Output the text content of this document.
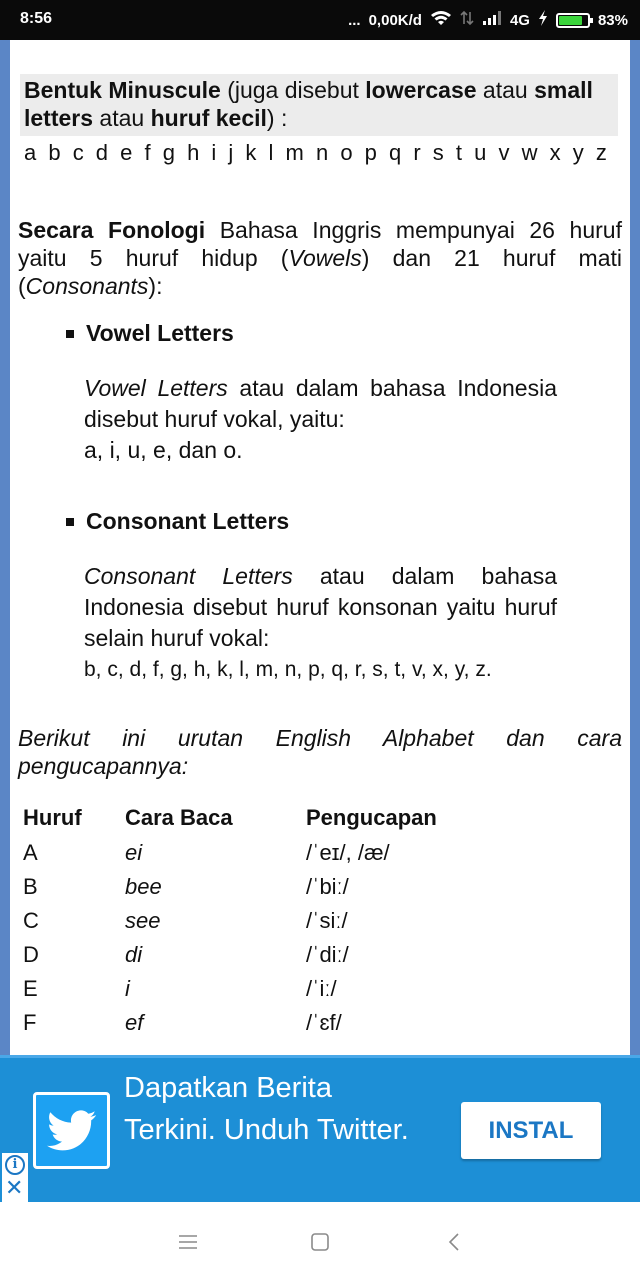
8:56	... 0,00K/d	4G	83%
Bentuk Minuscule (juga disebut lowercase atau small letters atau huruf kecil) :
a b c d e f g h i j k l m n o p q r s t u v w x y z
Secara Fonologi Bahasa Inggris mempunyai 26 huruf yaitu 5 huruf hidup (Vowels) dan 21 huruf mati (Consonants):
Vowel Letters
Vowel Letters atau dalam bahasa Indonesia disebut huruf vokal, yaitu:
a, i, u, e, dan o.
Consonant Letters
Consonant Letters atau dalam bahasa Indonesia disebut huruf konsonan yaitu huruf selain huruf vokal:
b, c, d, f, g, h, k, l, m, n, p, q, r, s, t, v, x, y, z.
Berikut ini urutan English Alphabet dan cara pengucapannya:
Huruf	Cara Baca	Pengucapan
A	ei	/ˈeɪ/, /æ/
B	bee	/ˈbiː/
C	see	/ˈsiː/
D	di	/ˈdiː/
E	i	/ˈiː/
F	ef	/ˈɛf/
Dapatkan Berita Terkini. Unduh Twitter.	INSTAL
i
✕
